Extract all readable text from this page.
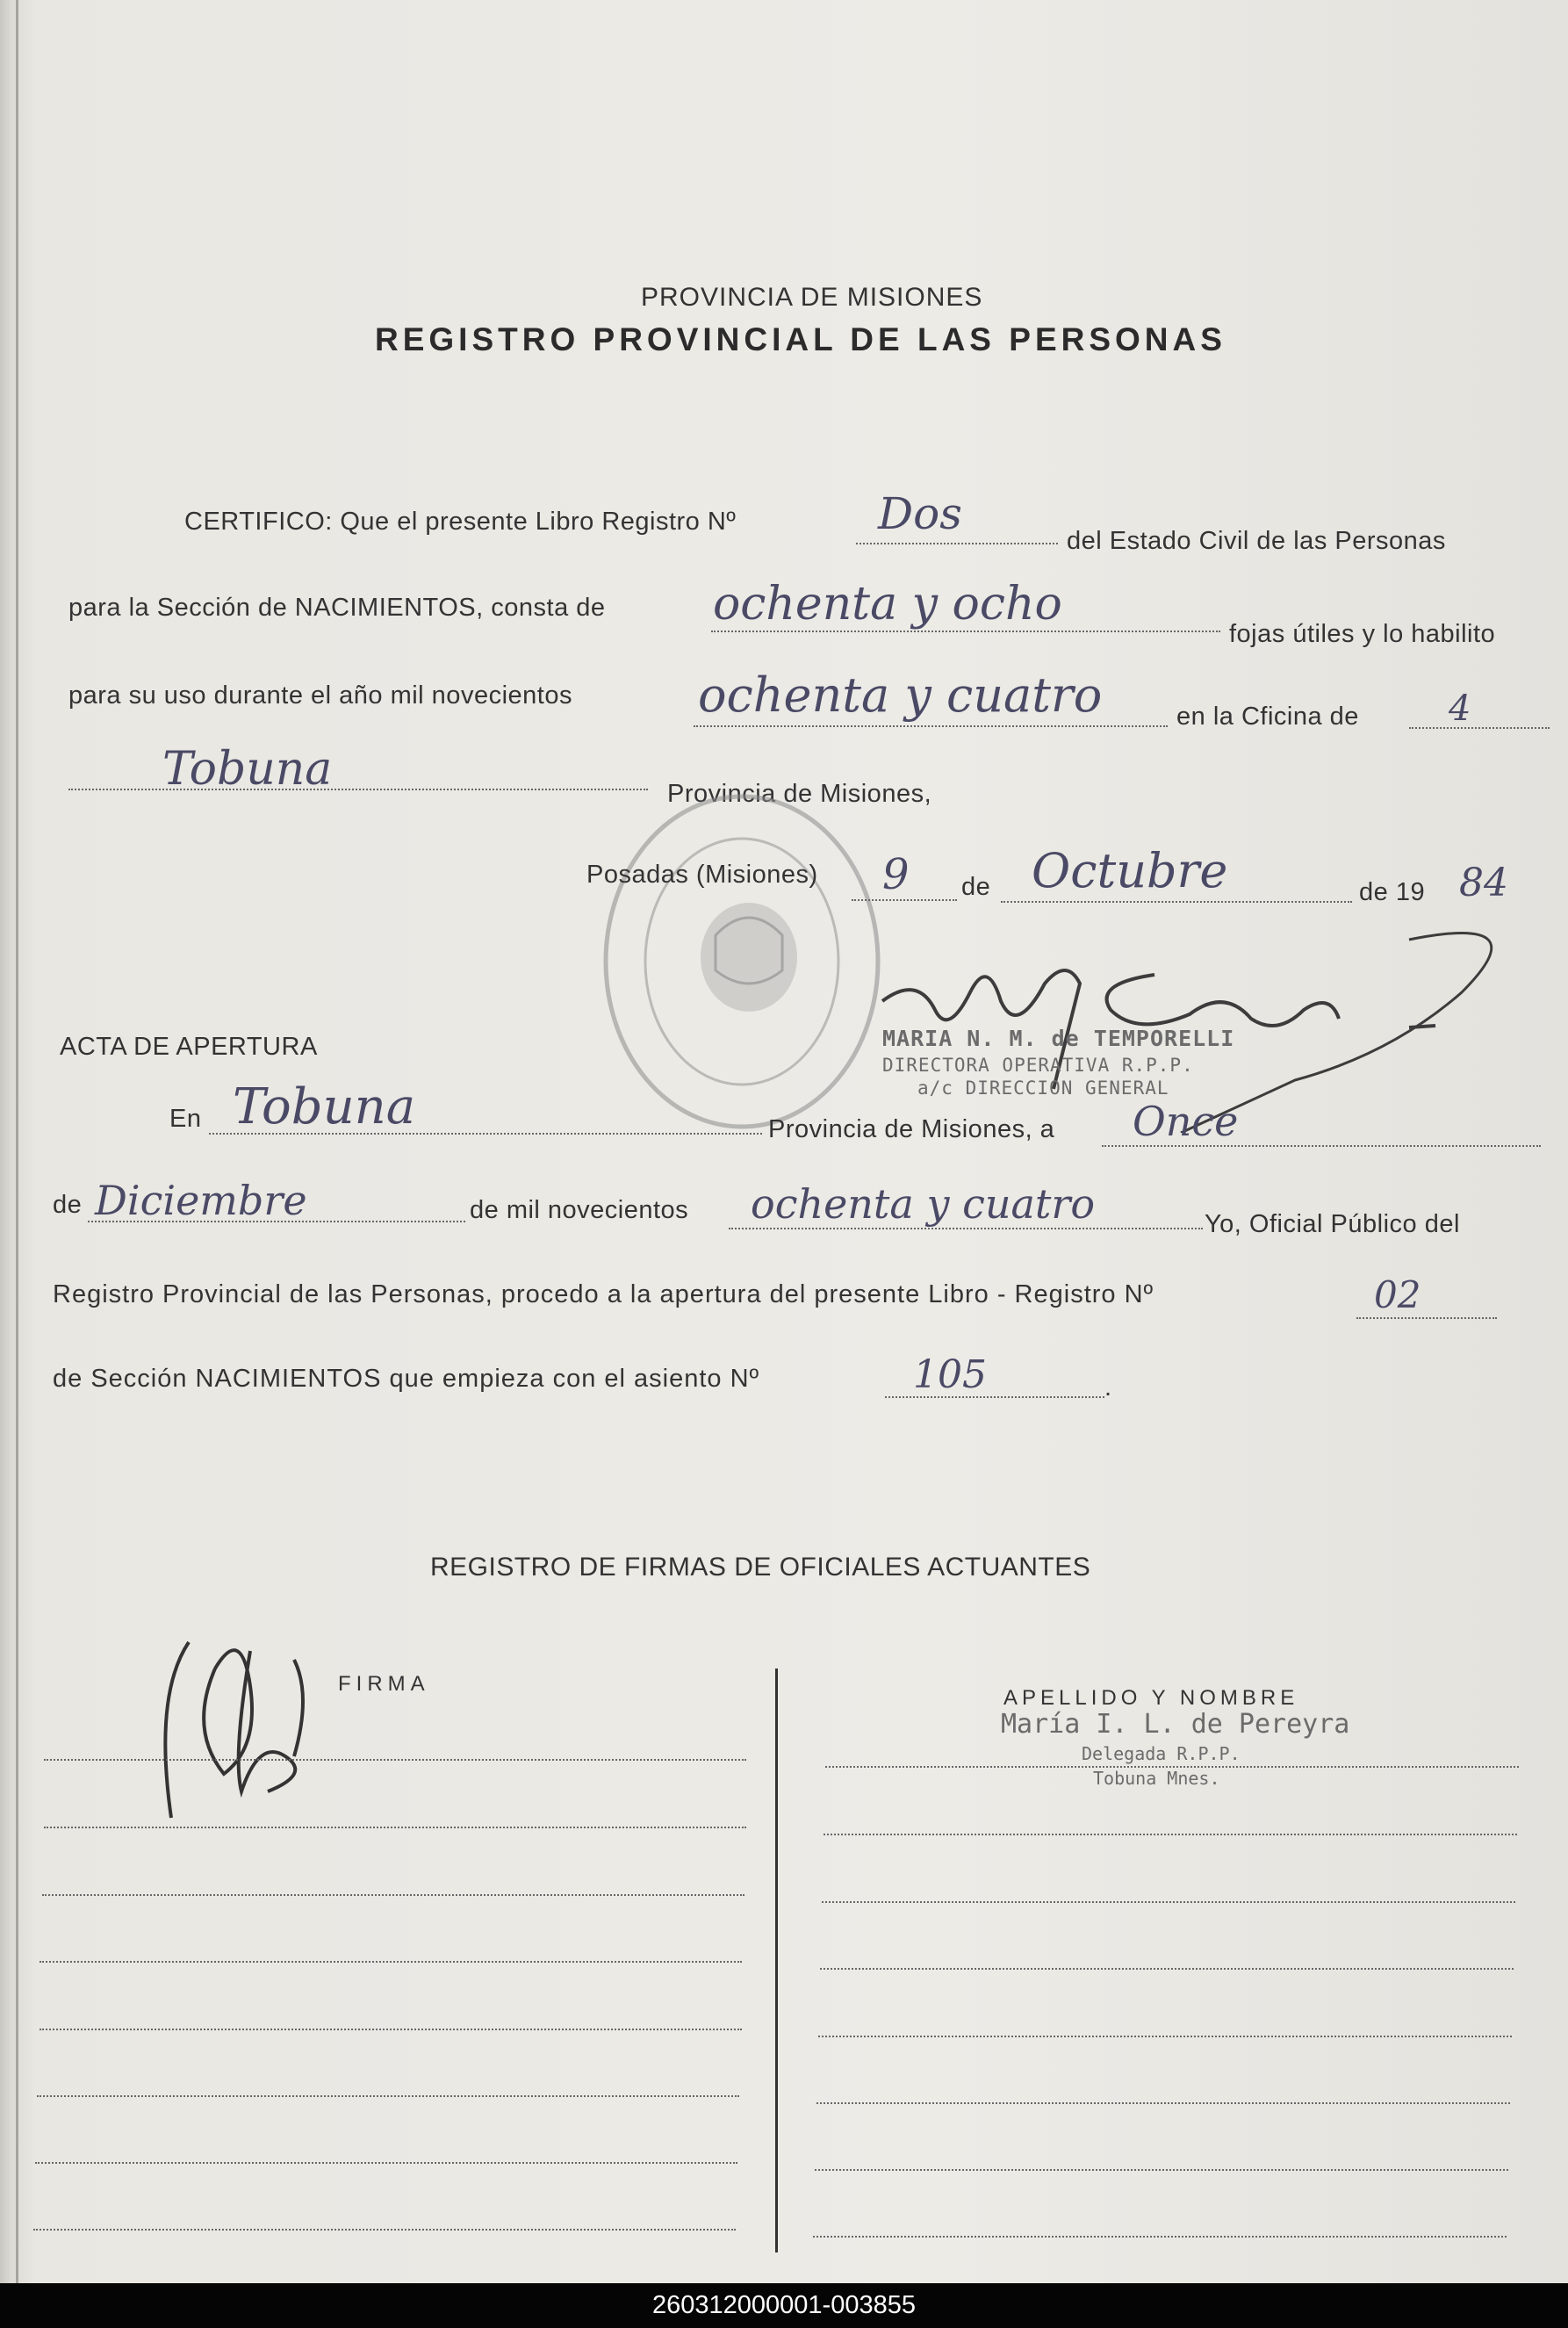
PROVINCIA DE MISIONES
REGISTRO PROVINCIAL DE LAS PERSONAS
CERTIFICO: Que el presente Libro Registro Nº	Dos
del Estado Civil de las Personas
para la Sección de NACIMIENTOS, consta de ochenta y ocho
fojas útiles y lo habilito
para su uso durante el año mil novecientos	ochenta y cuatro	en la Cficina de	4
Tobuna	Provincia de Misiones,
Posadas (Misiones) 9 de Octubre	de 19 84
MARIA N. M. de TEMPORELLI
DIRECTORA OPERATIVA R.P.P.
a/c DIRECCION GENERAL
ACTA DE APERTURA
En Tobuna	Provincia de Misiones, a Once
de Diciembre	de mil novecientos ochenta y cuatro	Yo, Oficial Público del
Registro Provincial de las Personas, procedo a la apertura del presente Libro - Registro Nº	02
de Sección NACIMIENTOS que empieza con el asiento Nº	105	.
REGISTRO DE FIRMAS DE OFICIALES ACTUANTES
FIRMA
APELLIDO Y NOMBRE
María I. L. de Pereyra
Delegada R.P.P.
Tobuna Mnes.
260312000001-003855
